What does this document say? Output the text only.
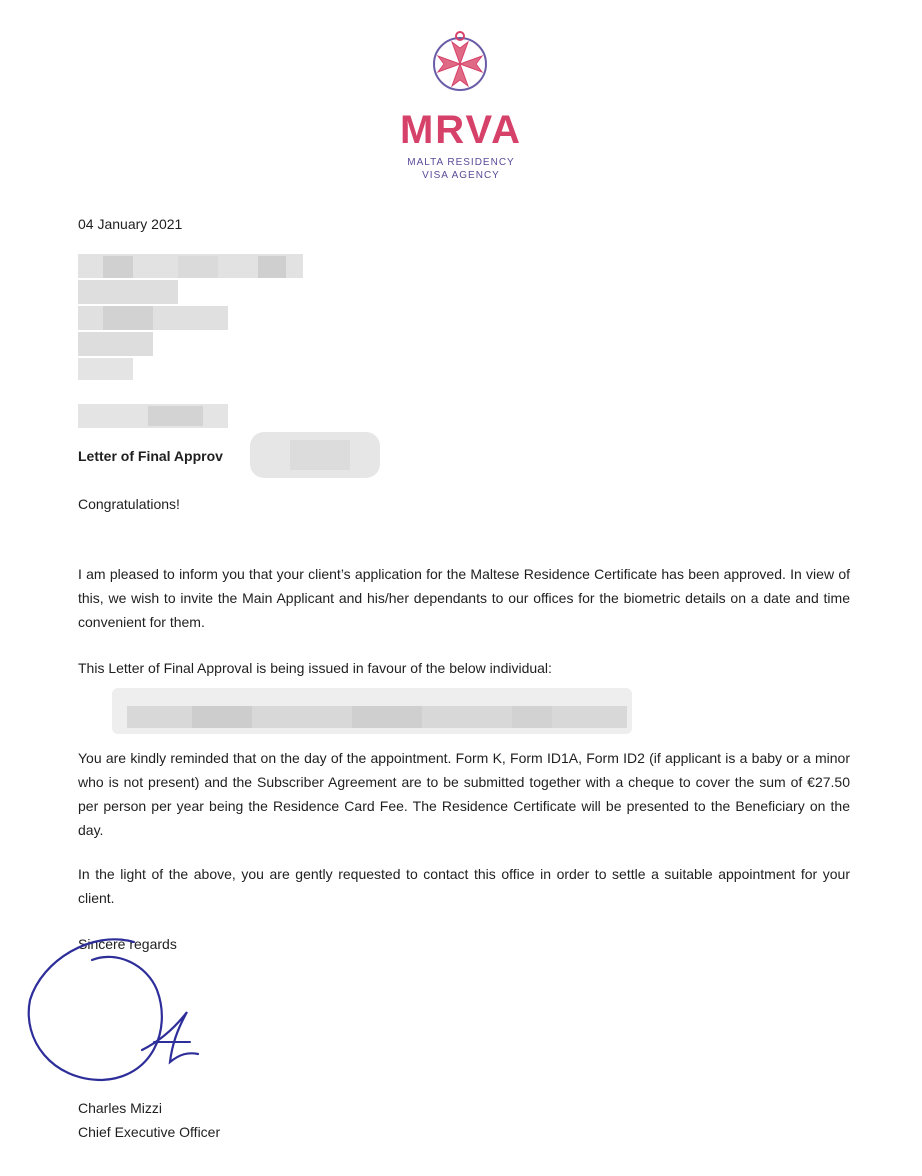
MRVA
MALTA RESIDENCY
VISA AGENCY
04 January 2021
Letter of Final Approv
Congratulations!
I am pleased to inform you that your client’s application for the Maltese Residence Certificate has been approved. In view of this, we wish to invite the Main Applicant and his/her dependants to our offices for the biometric details on a date and time convenient for them.
This Letter of Final Approval is being issued in favour of the below individual:
You are kindly reminded that on the day of the appointment. Form K, Form ID1A, Form ID2 (if applicant is a baby or a minor who is not present) and the Subscriber Agreement are to be submitted together with a cheque to cover the sum of €27.50 per person per year being the Residence Card Fee. The Residence Certificate will be presented to the Beneficiary on the day.
In the light of the above, you are gently requested to contact this office in order to settle a suitable appointment for your client.
Sincere regards
Charles Mizzi
Chief Executive Officer
